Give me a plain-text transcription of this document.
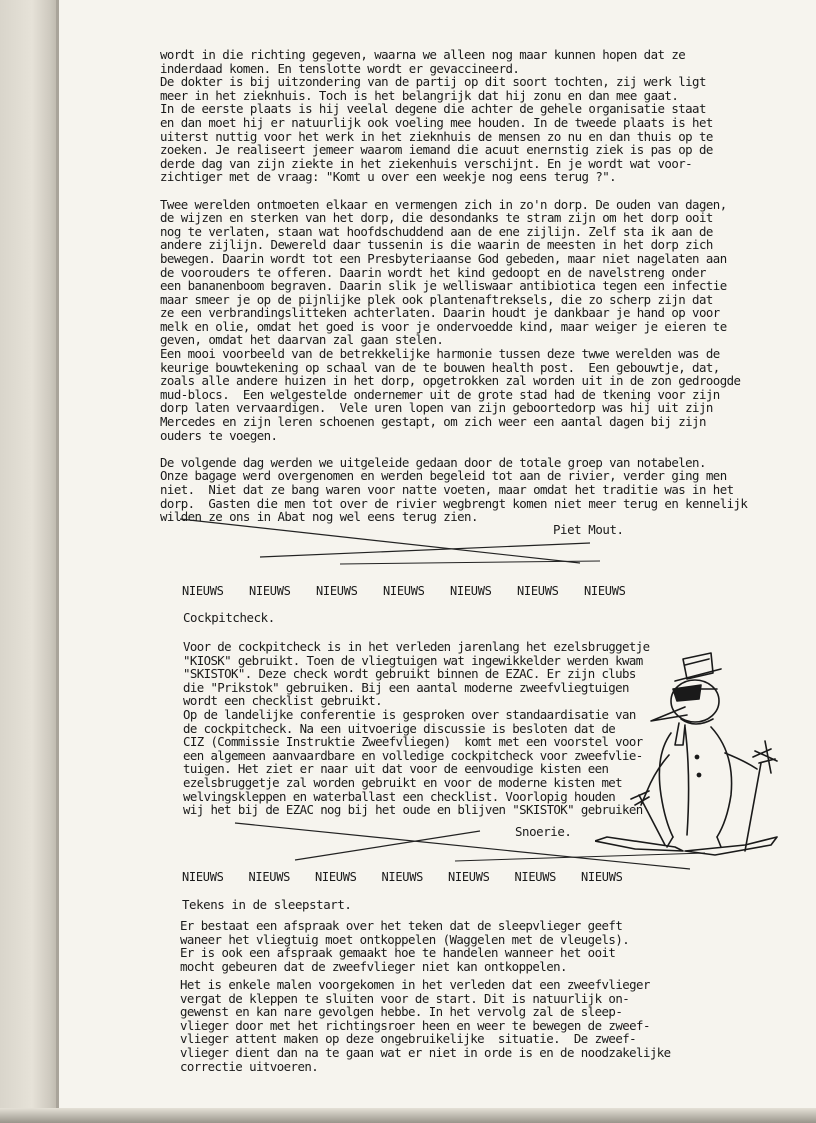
wordt in die richting gegeven, waarna we alleen nog maar kunnen hopen dat ze
inderdaad komen. En tenslotte wordt er gevaccineerd.
De dokter is bij uitzondering van de partij op dit soort tochten, zij werk ligt
meer in het zieknhuis. Toch is het belangrijk dat hij zonu en dan mee gaat.
In de eerste plaats is hij veelal degene die achter de gehele organisatie staat
en dan moet hij er natuurlijk ook voeling mee houden. In de tweede plaats is het
uiterst nuttig voor het werk in het zieknhuis de mensen zo nu en dan thuis op te
zoeken. Je realiseert jemeer waarom iemand die acuut enernstig ziek is pas op de
derde dag van zijn ziekte in het ziekenhuis verschijnt. En je wordt wat voor-
zichtiger met de vraag: "Komt u over een weekje nog eens terug ?".

Twee werelden ontmoeten elkaar en vermengen zich in zo'n dorp. De ouden van dagen,
de wijzen en sterken van het dorp, die desondanks te stram zijn om het dorp ooit
nog te verlaten, staan wat hoofdschuddend aan de ene zijlijn. Zelf sta ik aan de
andere zijlijn. Dewereld daar tussenin is die waarin de meesten in het dorp zich
bewegen. Daarin wordt tot een Presbyteriaanse God gebeden, maar niet nagelaten aan
de voorouders te offeren. Daarin wordt het kind gedoopt en de navelstreng onder
een bananenboom begraven. Daarin slik je welliswaar antibiotica tegen een infectie
maar smeer je op de pijnlijke plek ook plantenaftreksels, die zo scherp zijn dat
ze een verbrandingslitteken achterlaten. Daarin houdt je dankbaar je hand op voor
melk en olie, omdat het goed is voor je ondervoedde kind, maar weiger je eieren te
geven, omdat het daarvan zal gaan stelen.
Een mooi voorbeeld van de betrekkelijke harmonie tussen deze twwe werelden was de
keurige bouwtekening op schaal van de te bouwen health post.  Een gebouwtje, dat,
zoals alle andere huizen in het dorp, opgetrokken zal worden uit in de zon gedroogde
mud-blocs.  Een welgestelde ondernemer uit de grote stad had de tkening voor zijn
dorp laten vervaardigen.  Vele uren lopen van zijn geboortedorp was hij uit zijn
Mercedes en zijn leren schoenen gestapt, om zich weer een aantal dagen bij zijn
ouders te voegen.

De volgende dag werden we uitgeleide gedaan door de totale groep van notabelen.
Onze bagage werd overgenomen en werden begeleid tot aan de rivier, verder ging men
niet.  Niet dat ze bang waren voor natte voeten, maar omdat het traditie was in het
dorp.  Gasten die men tot over de rivier wegbrengt komen niet meer terug en kennelijk
wilden ze ons in Abat nog wel eens terug zien.
Piet Mout.
NIEUWS	NIEUWS	NIEUWS	NIEUWS	NIEUWS	NIEUWS	NIEUWS
Cockpitcheck.
Voor de cockpitcheck is in het verleden jarenlang het ezelsbruggetje
"KIOSK" gebruikt. Toen de vliegtuigen wat ingewikkelder werden kwam
"SKISTOK". Deze check wordt gebruikt binnen de EZAC. Er zijn clubs
die "Prikstok" gebruiken. Bij een aantal moderne zweefvliegtuigen
wordt een checklist gebruikt.
Op de landelijke conferentie is gesproken over standaardisatie van
de cockpitcheck. Na een uitvoerige discussie is besloten dat de
CIZ (Commissie Instruktie Zweefvliegen)  komt met een voorstel voor
een algemeen aanvaardbare en volledige cockpitcheck voor zweefvlie-
tuigen. Het ziet er naar uit dat voor de eenvoudige kisten een
ezelsbruggetje zal worden gebruikt en voor de moderne kisten met
welvingskleppen en waterballast een checklist. Voorlopig houden
wij het bij de EZAC nog bij het oude en blijven "SKISTOK" gebruiken
Snoerie.
NIEUWS	NIEUWS	NIEUWS	NIEUWS	NIEUWS	NIEUWS	NIEUWS
Tekens in de sleepstart.
Er bestaat een afspraak over het teken dat de sleepvlieger geeft
waneer het vliegtuig moet ontkoppelen (Waggelen met de vleugels).
Er is ook een afspraak gemaakt hoe te handelen wanneer het ooit
mocht gebeuren dat de zweefvlieger niet kan ontkoppelen.
Het is enkele malen voorgekomen in het verleden dat een zweefvlieger
vergat de kleppen te sluiten voor de start. Dit is natuurlijk on-
gewenst en kan nare gevolgen hebbe. In het vervolg zal de sleep-
vlieger door met het richtingsroer heen en weer te bewegen de zweef-
vlieger attent maken op deze ongebruikelijke  situatie.  De zweef-
vlieger dient dan na te gaan wat er niet in orde is en de noodzakelijke
correctie uitvoeren.
